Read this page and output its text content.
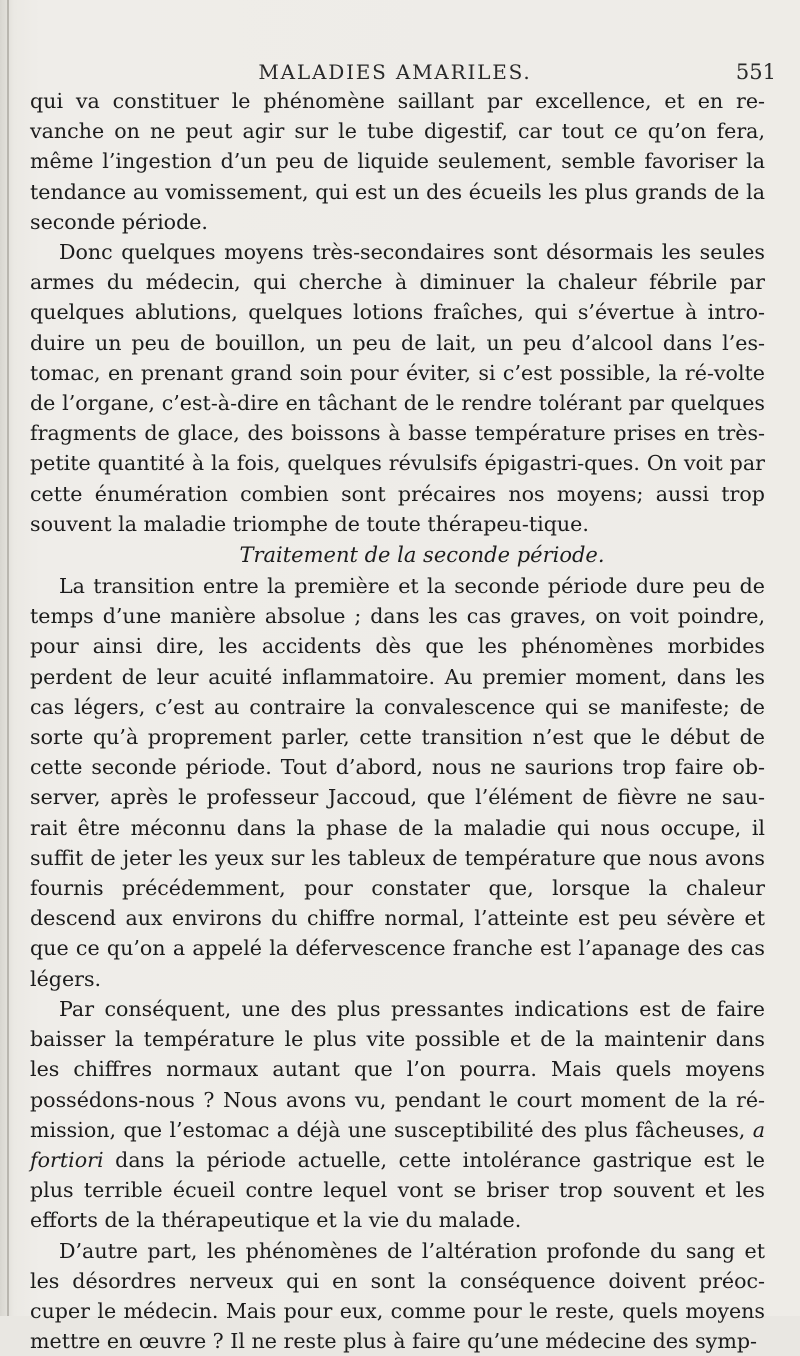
MALADIES AMARILES.	551

qui va constituer le phénomène saillant par excellence, et en re-vanche on ne peut agir sur le tube digestif, car tout ce qu’on fera, même l’ingestion d’un peu de liquide seulement, semble favoriser la tendance au vomissement, qui est un des écueils les plus grands de la seconde période.

Donc quelques moyens très-secondaires sont désormais les seules armes du médecin, qui cherche à diminuer la chaleur fébrile par quelques ablutions, quelques lotions fraîches, qui s’évertue à intro-duire un peu de bouillon, un peu de lait, un peu d’alcool dans l’es-tomac, en prenant grand soin pour éviter, si c’est possible, la ré-volte de l’organe, c’est-à-dire en tâchant de le rendre tolérant par quelques fragments de glace, des boissons à basse température prises en très-petite quantité à la fois, quelques révulsifs épigastri-ques. On voit par cette énumération combien sont précaires nos moyens; aussi trop souvent la maladie triomphe de toute thérapeu-tique.

Traitement de la seconde période.

La transition entre la première et la seconde période dure peu de temps d’une manière absolue ; dans les cas graves, on voit poindre, pour ainsi dire, les accidents dès que les phénomènes morbides perdent de leur acuité inflammatoire. Au premier moment, dans les cas légers, c’est au contraire la convalescence qui se manifeste; de sorte qu’à proprement parler, cette transition n’est que le début de cette seconde période. Tout d’abord, nous ne saurions trop faire ob-server, après le professeur Jaccoud, que l’élément de fièvre ne sau-rait être méconnu dans la phase de la maladie qui nous occupe, il suffit de jeter les yeux sur les tableux de température que nous avons fournis précédemment, pour constater que, lorsque la chaleur descend aux environs du chiffre normal, l’atteinte est peu sévère et que ce qu’on a appelé la défervescence franche est l’apanage des cas légers.

Par conséquent, une des plus pressantes indications est de faire baisser la température le plus vite possible et de la maintenir dans les chiffres normaux autant que l’on pourra. Mais quels moyens possédons-nous ? Nous avons vu, pendant le court moment de la ré-mission, que l’estomac a déjà une susceptibilité des plus fâcheuses, a fortiori dans la période actuelle, cette intolérance gastrique est le plus terrible écueil contre lequel vont se briser trop souvent et les efforts de la thérapeutique et la vie du malade.

D’autre part, les phénomènes de l’altération profonde du sang et les désordres nerveux qui en sont la conséquence doivent préoc-cuper le médecin. Mais pour eux, comme pour le reste, quels moyens mettre en œuvre ? Il ne reste plus à faire qu’une médecine des symp-
